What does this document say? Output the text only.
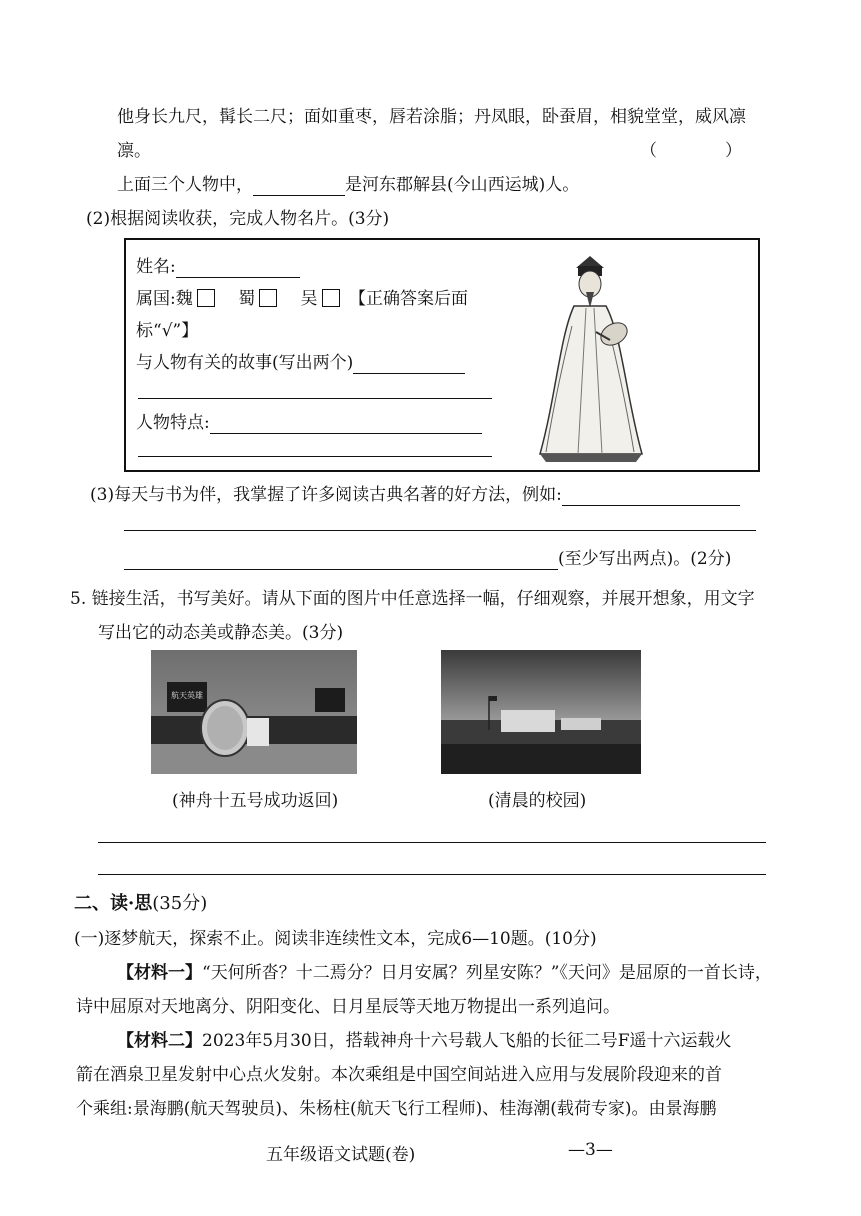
他身长九尺，髯长二尺；面如重枣，唇若涂脂；丹凤眼，卧蚕眉，相貌堂堂，威风凛
凛。	（　　　　）
上面三个人物中，	是河东郡解县(今山西运城)人。
(2)根据阅读收获，完成人物名片。(3分)
姓名:
属国:魏	蜀	吴 【正确答案后面
标“√”】
与人物有关的故事(写出两个)
人物特点:
(3)每天与书为伴，我掌握了许多阅读古典名著的好方法，例如:
(至少写出两点)。(2分)
5. 链接生活，书写美好。请从下面的图片中任意选择一幅，仔细观察，并展开想象，用文字
写出它的动态美或静态美。(3分)
航天英雄
(神舟十五号成功返回)	(清晨的校园)
二、读·思(35分)
(一)逐梦航天，探索不止。阅读非连续性文本，完成6—10题。(10分)
【材料一】“天何所沓？十二焉分？日月安属？列星安陈？”《天问》是屈原的一首长诗，
诗中屈原对天地离分、阴阳变化、日月星辰等天地万物提出一系列追问。
【材料二】2023年5月30日，搭载神舟十六号载人飞船的长征二号F遥十六运载火
箭在酒泉卫星发射中心点火发射。本次乘组是中国空间站进入应用与发展阶段迎来的首
个乘组:景海鹏(航天驾驶员)、朱杨柱(航天飞行工程师)、桂海潮(载荷专家)。由景海鹏
五年级语文试题(卷)	—3—
